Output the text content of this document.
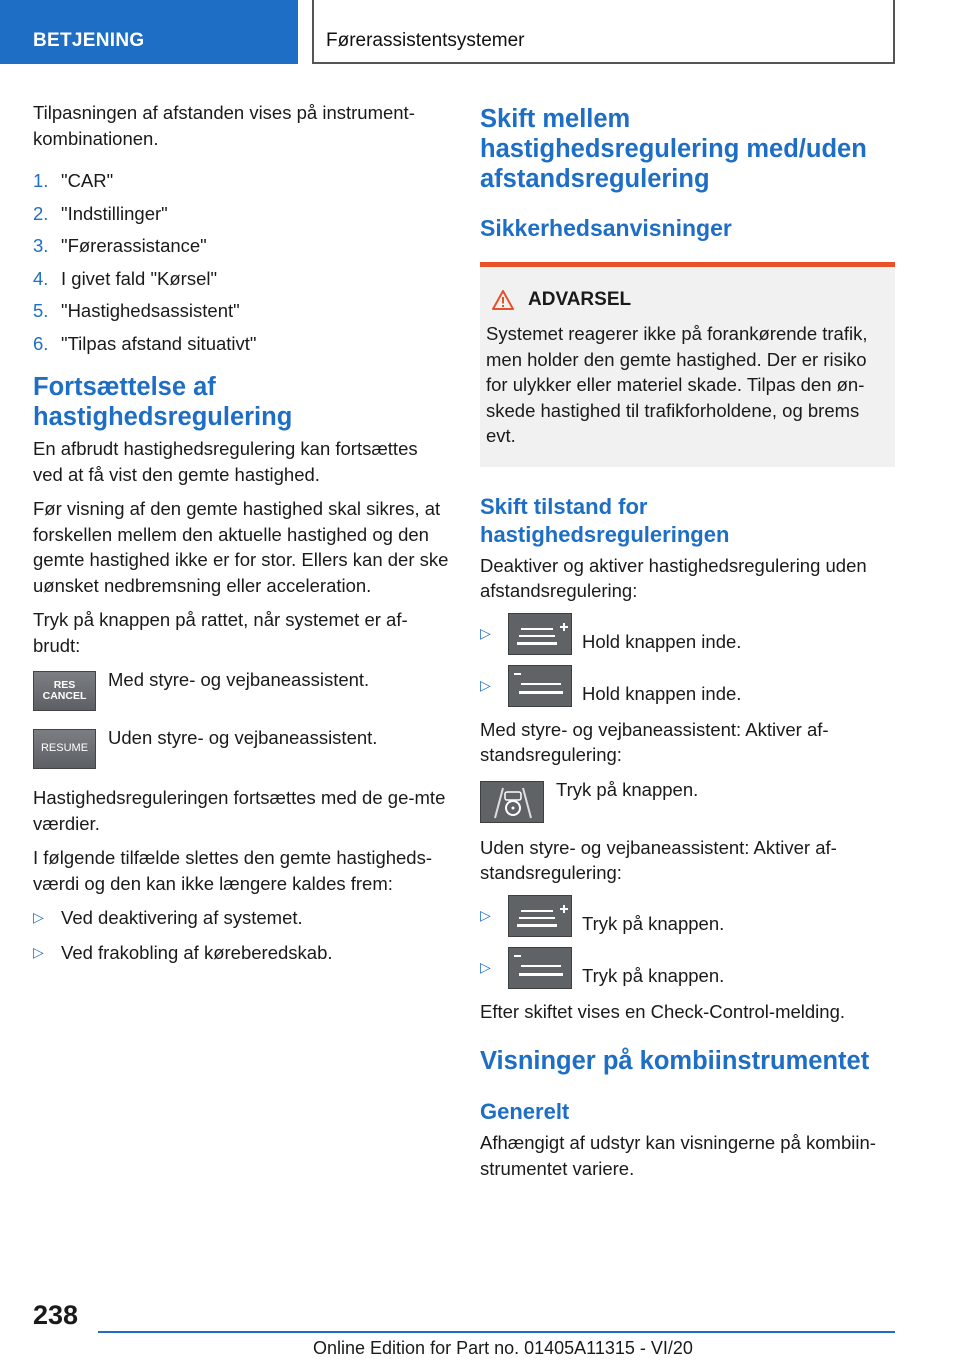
BETJENING	Førerassistentsystemer

Tilpasningen af afstanden vises på instrument-kombinationen.

1. "CAR"
2. "Indstillinger"
3. "Førerassistance"
4. I givet fald "Kørsel"
5. "Hastighedsassistent"
6. "Tilpas afstand situativt"
Fortsættelse af hastighedsregulering

En afbrudt hastighedsregulering kan fortsættes ved at få vist den gemte hastighed.

Før visning af den gemte hastighed skal sikres, at forskellen mellem den aktuelle hastighed og den gemte hastighed ikke er for stor. Ellers kan der ske uønsket nedbremsning eller acceleration.

Tryk på knappen på rattet, når systemet er af-brudt:

RES CANCEL
Med styre- og vejbaneassistent.
RESUME
Uden styre- og vejbaneassistent.

Hastighedsreguleringen fortsættes med de ge-mte værdier.

I følgende tilfælde slettes den gemte hastigheds-værdi og den kan ikke længere kaldes frem:

▷ Ved deaktivering af systemet.
▷ Ved frakobling af køreberedskab.
Skift mellem hastighedsregulering med/uden afstandsregulering
Sikkerhedsanvisninger
ADVARSEL

Systemet reagerer ikke på forankørende trafik, men holder den gemte hastighed. Der er risiko for ulykker eller materiel skade. Tilpas den øn-skede hastighed til trafikforholdene, og brems evt.

Skift tilstand for hastighedsreguleringen

Deaktiver og aktiver hastighedsregulering uden afstandsregulering:

▷	Hold knappen inde.
▷	Hold knappen inde.

Med styre- og vejbaneassistent: Aktiver af-standsregulering:

Tryk på knappen.

Uden styre- og vejbaneassistent: Aktiver af-standsregulering:

▷	Tryk på knappen.
▷	Tryk på knappen.

Efter skiftet vises en Check-Control-melding.

Visninger på kombiinstrumentet
Generelt

Afhængigt af udstyr kan visningerne på kombiin-strumentet variere.

238
Online Edition for Part no. 01405A11315 - VI/20
